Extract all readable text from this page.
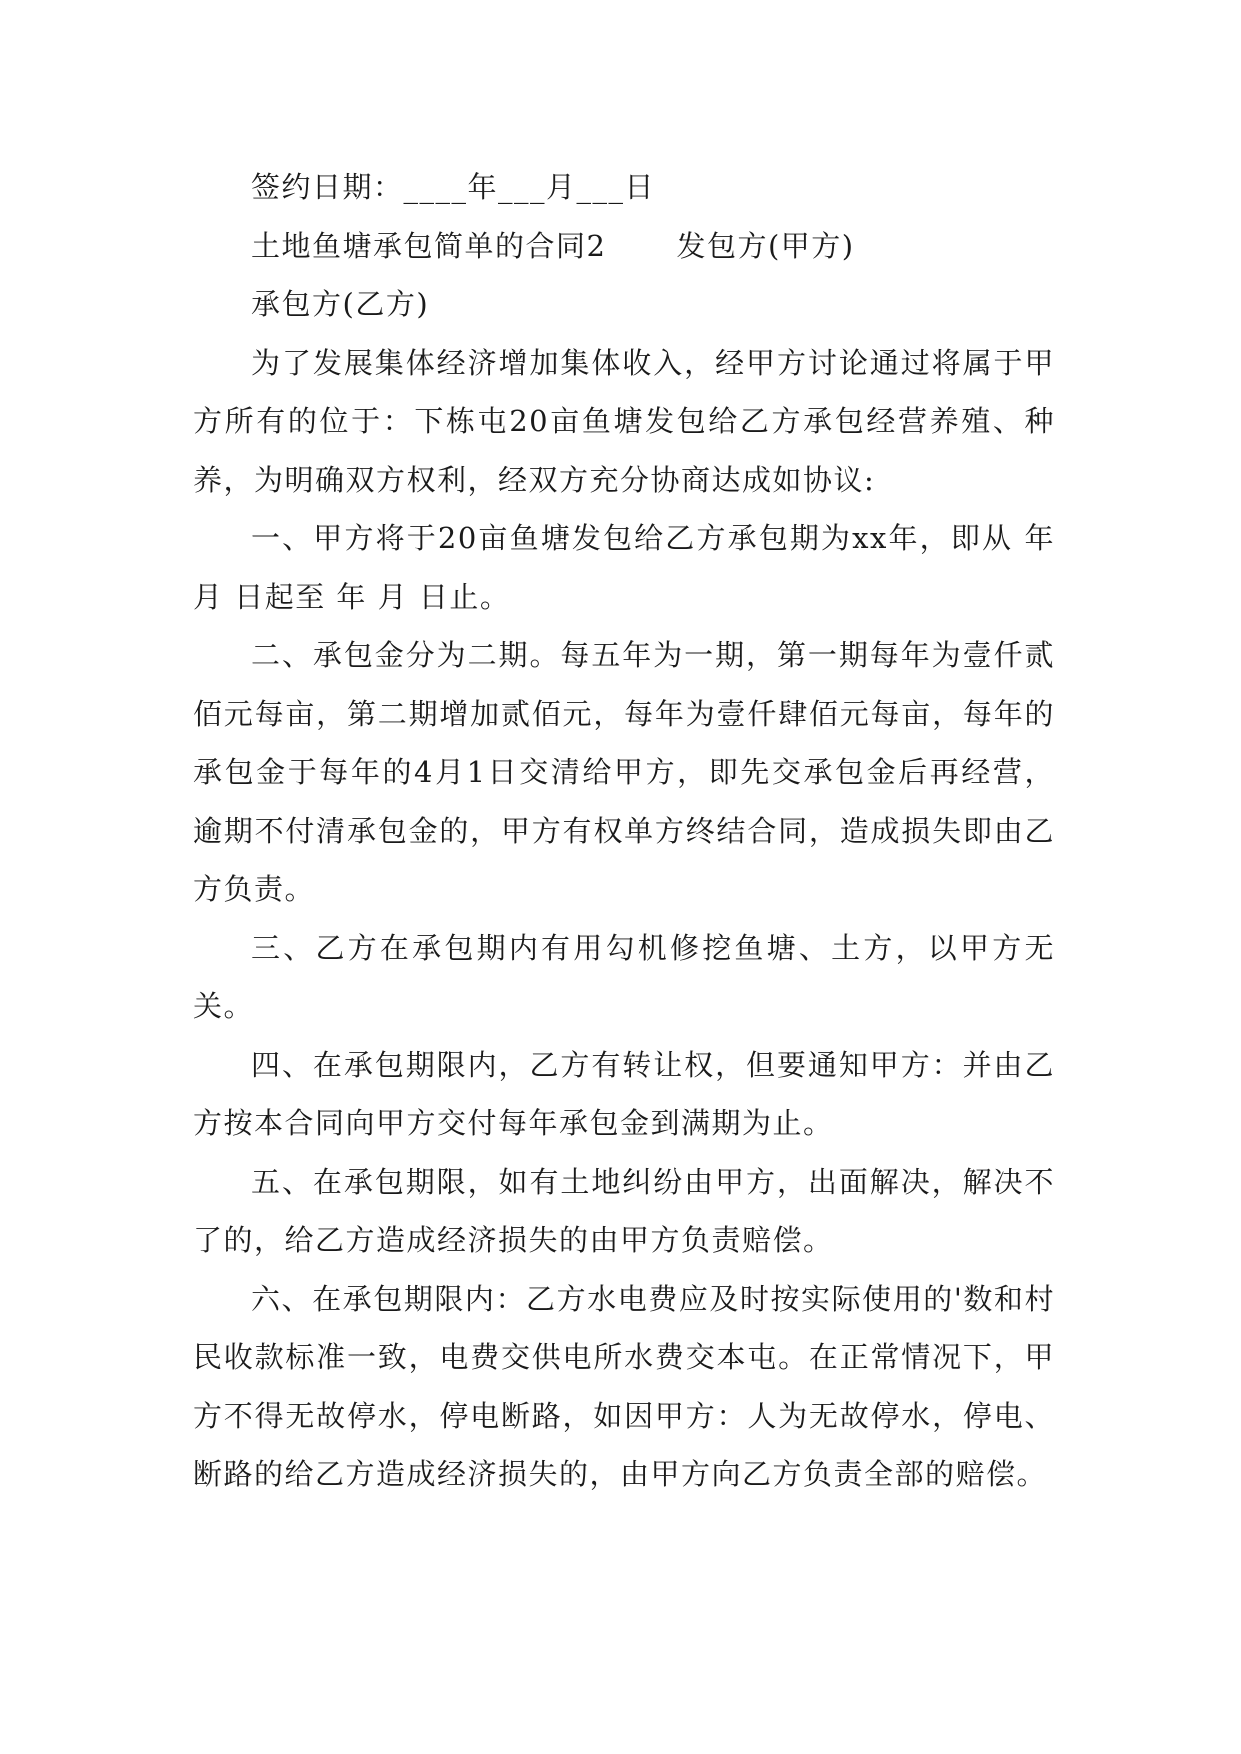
签约日期：____年___月___日

土地鱼塘承包简单的合同2 发包方(甲方)

承包方(乙方)

为了发展集体经济增加集体收入，经甲方讨论通过将属于甲方所有的位于：下栋屯20亩鱼塘发包给乙方承包经营养殖、种养，为明确双方权利，经双方充分协商达成如协议:

一、甲方将于20亩鱼塘发包给乙方承包期为xx年，即从 年 月 日起至 年 月 日止。

二、承包金分为二期。每五年为一期，第一期每年为壹仟贰佰元每亩，第二期增加贰佰元，每年为壹仟肆佰元每亩，每年的承包金于每年的4月1日交清给甲方，即先交承包金后再经营，逾期不付清承包金的，甲方有权单方终结合同，造成损失即由乙方负责。

三、乙方在承包期内有用勾机修挖鱼塘、土方，以甲方无关。

四、在承包期限内，乙方有转让权，但要通知甲方：并由乙方按本合同向甲方交付每年承包金到满期为止。

五、在承包期限，如有土地纠纷由甲方，出面解决，解决不了的，给乙方造成经济损失的由甲方负责赔偿。

六、在承包期限内：乙方水电费应及时按实际使用的'数和村民收款标准一致，电费交供电所水费交本屯。在正常情况下，甲方不得无故停水，停电断路，如因甲方：人为无故停水，停电、断路的给乙方造成经济损失的，由甲方向乙方负责全部的赔偿。
